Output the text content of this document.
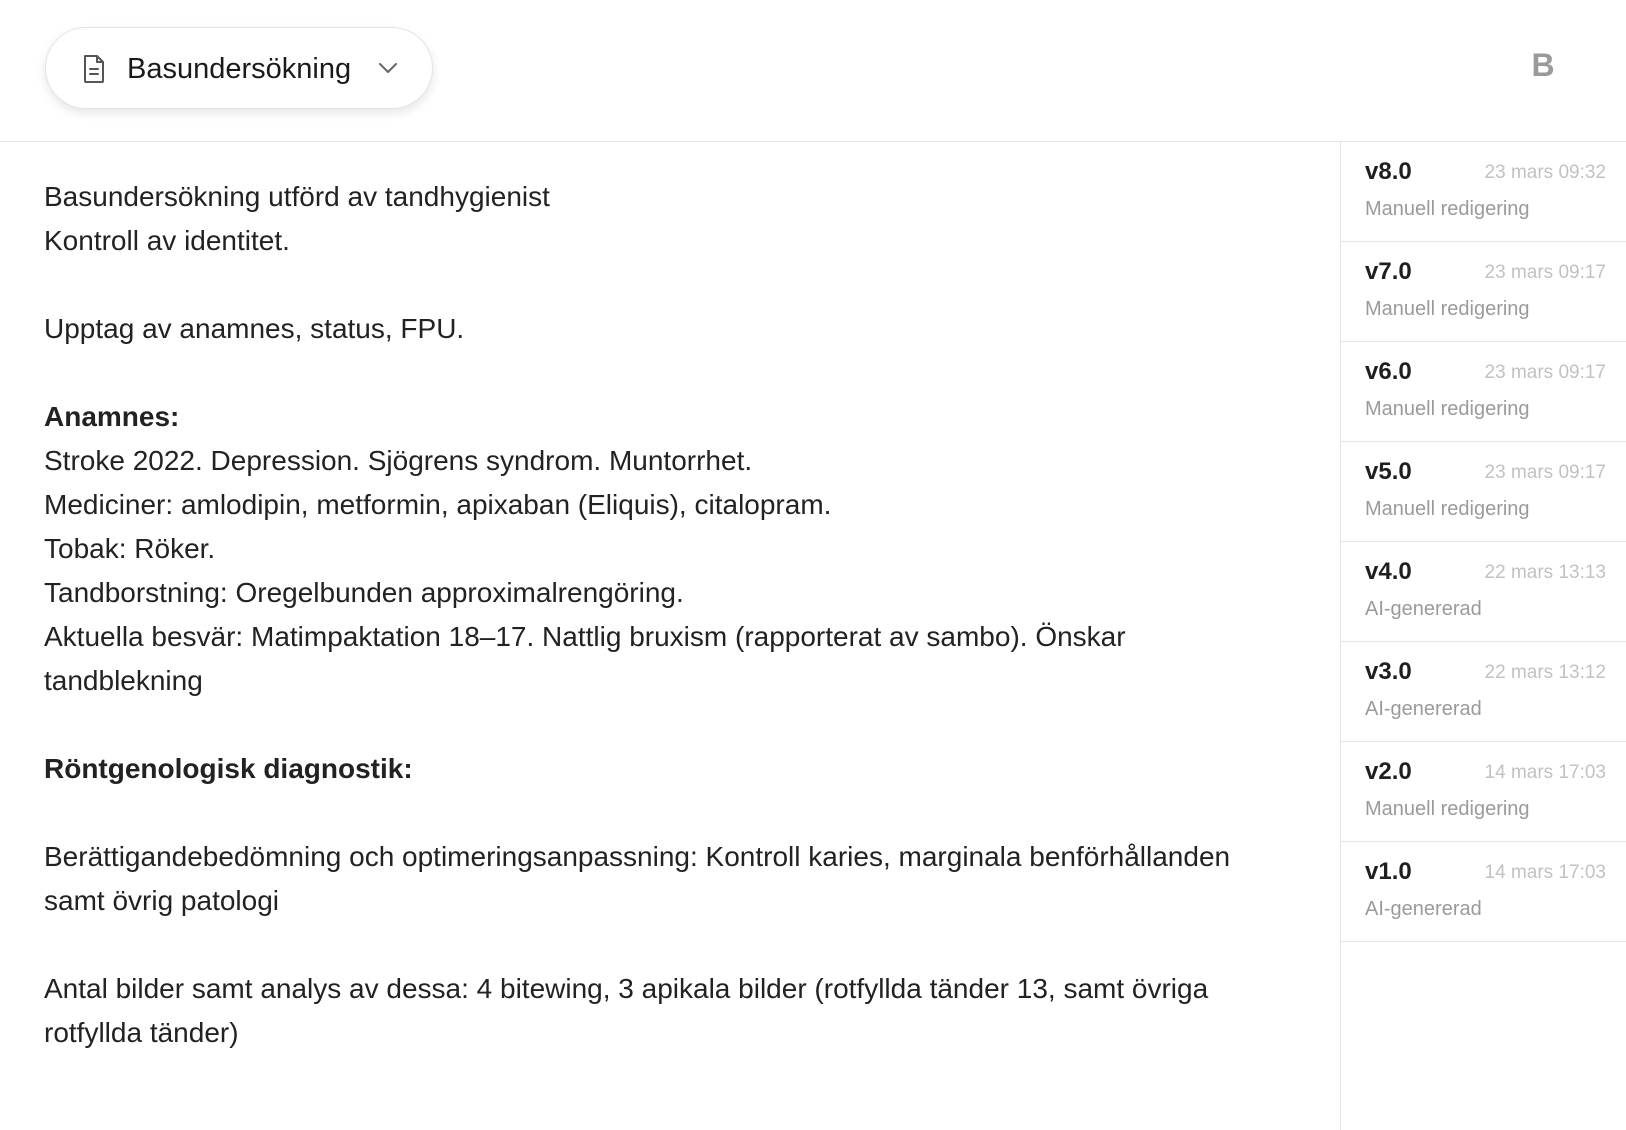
Basundersökning	B
Basundersökning utförd av tandhygienist
Kontroll av identitet.
Upptag av anamnes, status, FPU.
Anamnes:
Stroke 2022. Depression. Sjögrens syndrom. Muntorrhet.
Mediciner: amlodipin, metformin, apixaban (Eliquis), citalopram.
Tobak: Röker.
Tandborstning: Oregelbunden approximalrengöring.
Aktuella besvär: Matimpaktation 18–17. Nattlig bruxism (rapporterat av sambo). Önskar
tandblekning
Röntgenologisk diagnostik:
Berättigandebedömning och optimeringsanpassning: Kontroll karies, marginala benförhållanden
samt övrig patologi
Antal bilder samt analys av dessa: 4 bitewing, 3 apikala bilder (rotfyllda tänder 13, samt övriga
rotfyllda tänder)
v8.0	23 mars 09:32
Manuell redigering
v7.0	23 mars 09:17
Manuell redigering
v6.0	23 mars 09:17
Manuell redigering
v5.0	23 mars 09:17
Manuell redigering
v4.0	22 mars 13:13
AI-genererad
v3.0	22 mars 13:12
AI-genererad
v2.0	14 mars 17:03
Manuell redigering
v1.0	14 mars 17:03
AI-genererad
